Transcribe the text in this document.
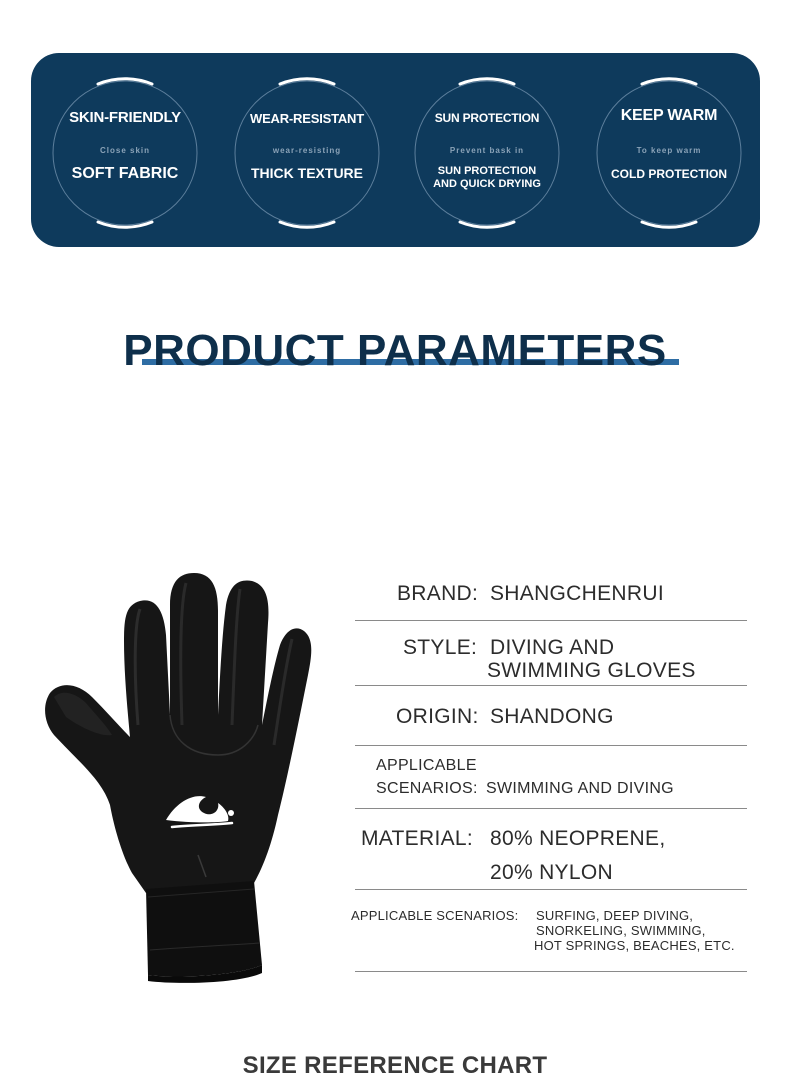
SKIN-FRIENDLY
Close skin
SOFT FABRIC
WEAR-RESISTANT
wear-resisting
THICK TEXTURE
SUN PROTECTION
Prevent bask in
SUN PROTECTION
AND QUICK DRYING
KEEP WARM
To keep warm
COLD PROTECTION
PRODUCT PARAMETERS
BRAND: SHANGCHENRUI
STYLE: DIVING AND
SWIMMING GLOVES
ORIGIN: SHANDONG
APPLICABLE
SCENARIOS: SWIMMING AND DIVING
MATERIAL: 80% NEOPRENE,
20% NYLON
APPLICABLE SCENARIOS: SURFING, DEEP DIVING,
SNORKELING, SWIMMING,
HOT SPRINGS, BEACHES, ETC.
SIZE REFERENCE CHART
